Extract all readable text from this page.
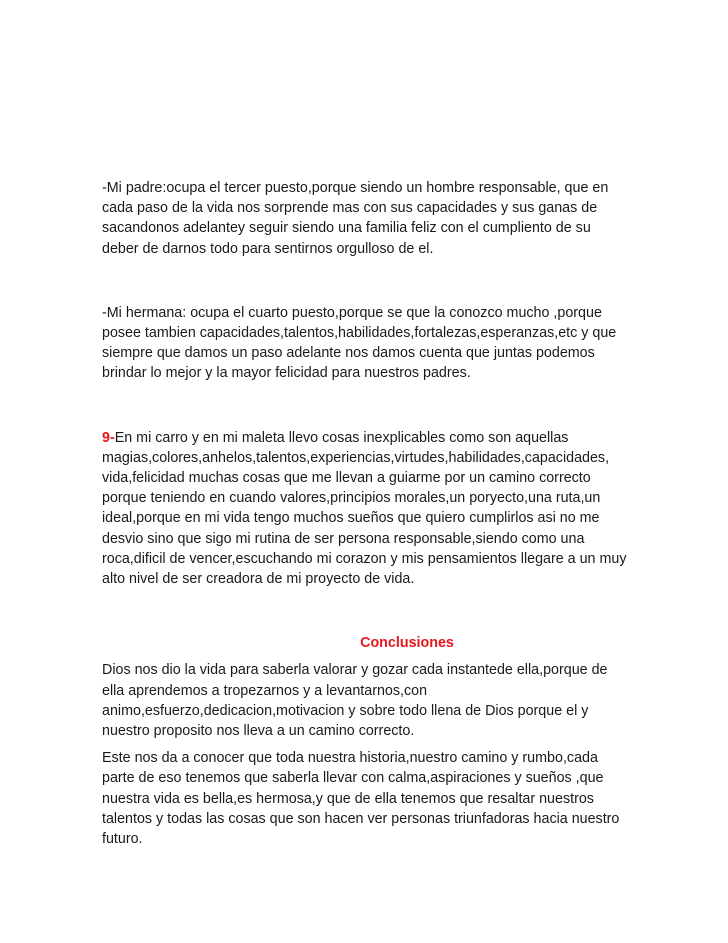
-Mi padre:ocupa el tercer puesto,porque siendo un hombre responsable, que en
cada paso de la vida nos sorprende mas con sus capacidades y sus ganas de
sacandonos adelantey seguir siendo una familia feliz con el cumpliento de su
deber de darnos todo para sentirnos orgulloso de el.

-Mi hermana: ocupa el cuarto puesto,porque se que la conozco mucho ,porque
posee tambien capacidades,talentos,habilidades,fortalezas,esperanzas,etc y que
siempre que damos un paso adelante nos damos cuenta que juntas podemos
brindar lo mejor y la mayor felicidad para nuestros padres.

9-En mi carro y en mi maleta llevo cosas inexplicables como son aquellas
magias,colores,anhelos,talentos,experiencias,virtudes,habilidades,capacidades,
vida,felicidad muchas cosas que me llevan a guiarme por un camino correcto
porque teniendo en cuando valores,principios morales,un poryecto,una ruta,un
ideal,porque en mi vida tengo muchos sueños que quiero cumplirlos asi no me
desvio sino que sigo mi rutina de ser persona responsable,siendo como una
roca,dificil de vencer,escuchando mi corazon y mis pensamientos llegare a un muy
alto nivel de ser creadora de mi proyecto de vida.

Conclusiones

Dios nos dio la vida para saberla valorar y gozar cada instantede ella,porque de
ella aprendemos a tropezarnos y a levantarnos,con
animo,esfuerzo,dedicacion,motivacion y sobre todo llena de Dios porque el y
nuestro proposito nos lleva a un camino correcto.

Este nos da a conocer que toda nuestra historia,nuestro camino y rumbo,cada
parte de eso tenemos que saberla llevar con calma,aspiraciones y sueños ,que
nuestra vida es bella,es hermosa,y que de ella tenemos que resaltar nuestros
talentos y todas las cosas que son hacen ver personas triunfadoras hacia nuestro
futuro.
